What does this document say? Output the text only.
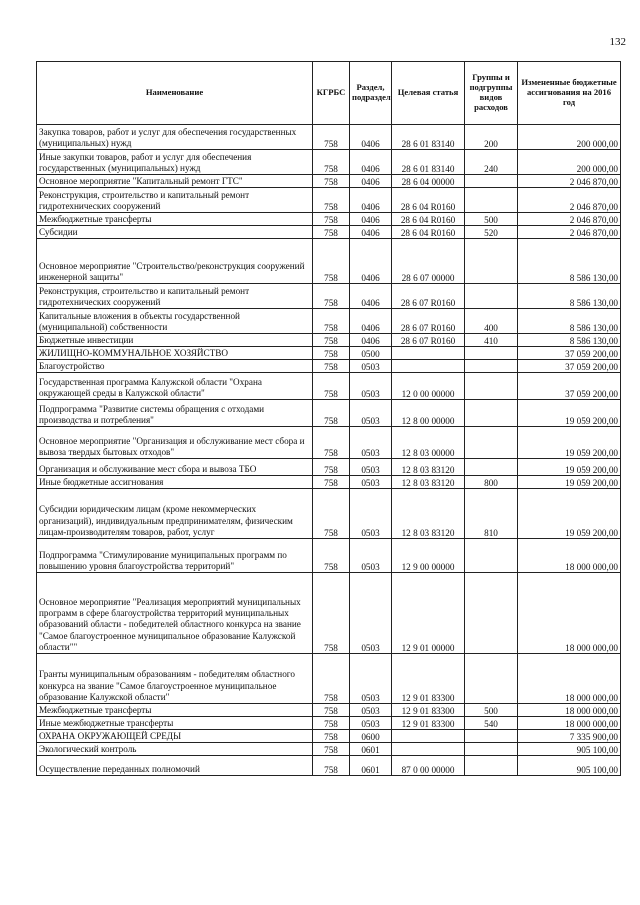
132
Наименование	КГРБС	Раздел, подраздел	Целевая статья	Группы и подгруппы видов расходов	Измененные бюджетные ассигнования на 2016 год
Закупка товаров, работ и услуг для обеспечения государственных (муниципальных) нужд	758	0406	28 6 01 83140	200	200 000,00
Иные закупки товаров, работ и услуг для обеспечения государственных (муниципальных) нужд	758	0406	28 6 01 83140	240	200 000,00
Основное мероприятие "Капитальный ремонт ГТС"	758	0406	28 6 04 00000		2 046 870,00
Реконструкция, строительство и капитальный ремонт гидротехнических сооружений	758	0406	28 6 04 R0160		2 046 870,00
Межбюджетные трансферты	758	0406	28 6 04 R0160	500	2 046 870,00
Субсидии	758	0406	28 6 04 R0160	520	2 046 870,00
Основное мероприятие "Строительство/реконструкция сооружений инженерной защиты"	758	0406	28 6 07 00000		8 586 130,00
Реконструкция, строительство и капитальный ремонт гидротехнических сооружений	758	0406	28 6 07 R0160		8 586 130,00
Капитальные вложения в объекты государственной (муниципальной) собственности	758	0406	28 6 07 R0160	400	8 586 130,00
Бюджетные инвестиции	758	0406	28 6 07 R0160	410	8 586 130,00
ЖИЛИЩНО-КОММУНАЛЬНОЕ ХОЗЯЙСТВО	758	0500			37 059 200,00
Благоустройство	758	0503			37 059 200,00
Государственная программа Калужской области "Охрана окружающей среды в Калужской области"	758	0503	12 0 00 00000		37 059 200,00
Подпрограмма "Развитие системы обращения с отходами производства и потребления"	758	0503	12 8 00 00000		19 059 200,00
Основное мероприятие "Организация и обслуживание мест сбора и вывоза твердых бытовых отходов"	758	0503	12 8 03 00000		19 059 200,00
Организация и обслуживание мест сбора и вывоза ТБО	758	0503	12 8 03 83120		19 059 200,00
Иные бюджетные ассигнования	758	0503	12 8 03 83120	800	19 059 200,00
Субсидии юридическим лицам (кроме некоммерческих организаций), индивидуальным предпринимателям, физическим лицам-производителям товаров, работ, услуг	758	0503	12 8 03 83120	810	19 059 200,00
Подпрограмма "Стимулирование муниципальных программ по повышению уровня благоустройства территорий"	758	0503	12 9 00 00000		18 000 000,00
Основное мероприятие "Реализация мероприятий муниципальных программ в сфере благоустройства территорий муниципальных образований области - победителей областного конкурса на звание "Самое благоустроенное муниципальное образование Калужской области""	758	0503	12 9 01 00000		18 000 000,00
Гранты муниципальным образованиям - победителям областного конкурса на звание "Самое благоустроенное муниципальное образование Калужской области"	758	0503	12 9 01 83300		18 000 000,00
Межбюджетные трансферты	758	0503	12 9 01 83300	500	18 000 000,00
Иные межбюджетные трансферты	758	0503	12 9 01 83300	540	18 000 000,00
ОХРАНА ОКРУЖАЮЩЕЙ СРЕДЫ	758	0600			7 335 900,00
Экологический контроль	758	0601			905 100,00
Осуществление переданных полномочий	758	0601	87 0 00 00000		905 100,00
